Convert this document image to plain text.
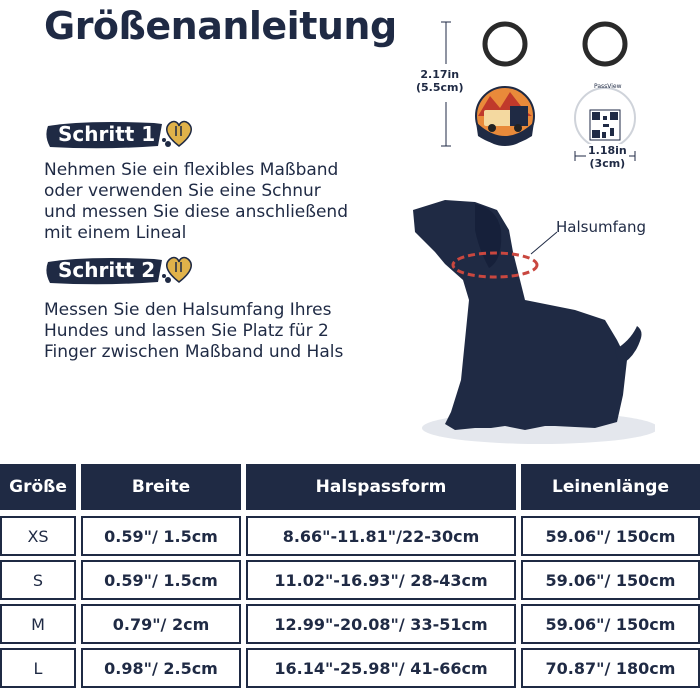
Größenanleitung
Schritt 1
Nehmen Sie ein flexibles Maßband
oder verwenden Sie eine Schnur
und messen Sie diese anschließend
mit einem Lineal
Schritt 2
Messen Sie den Halsumfang Ihres
Hundes und lassen Sie Platz für 2
Finger zwischen Maßband und Hals
2.17in
(5.5cm)	PassView
1.18in
(3cm)
Halsumfang
Größe	Breite	Halspassform	Leinenlänge
XS	0.59"/ 1.5cm	8.66"-11.81"/22-30cm	59.06"/ 150cm
S	0.59"/ 1.5cm	11.02"-16.93"/ 28-43cm	59.06"/ 150cm
M	0.79"/ 2cm	12.99"-20.08"/ 33-51cm	59.06"/ 150cm
L	0.98"/ 2.5cm	16.14"-25.98"/ 41-66cm	70.87"/ 180cm
